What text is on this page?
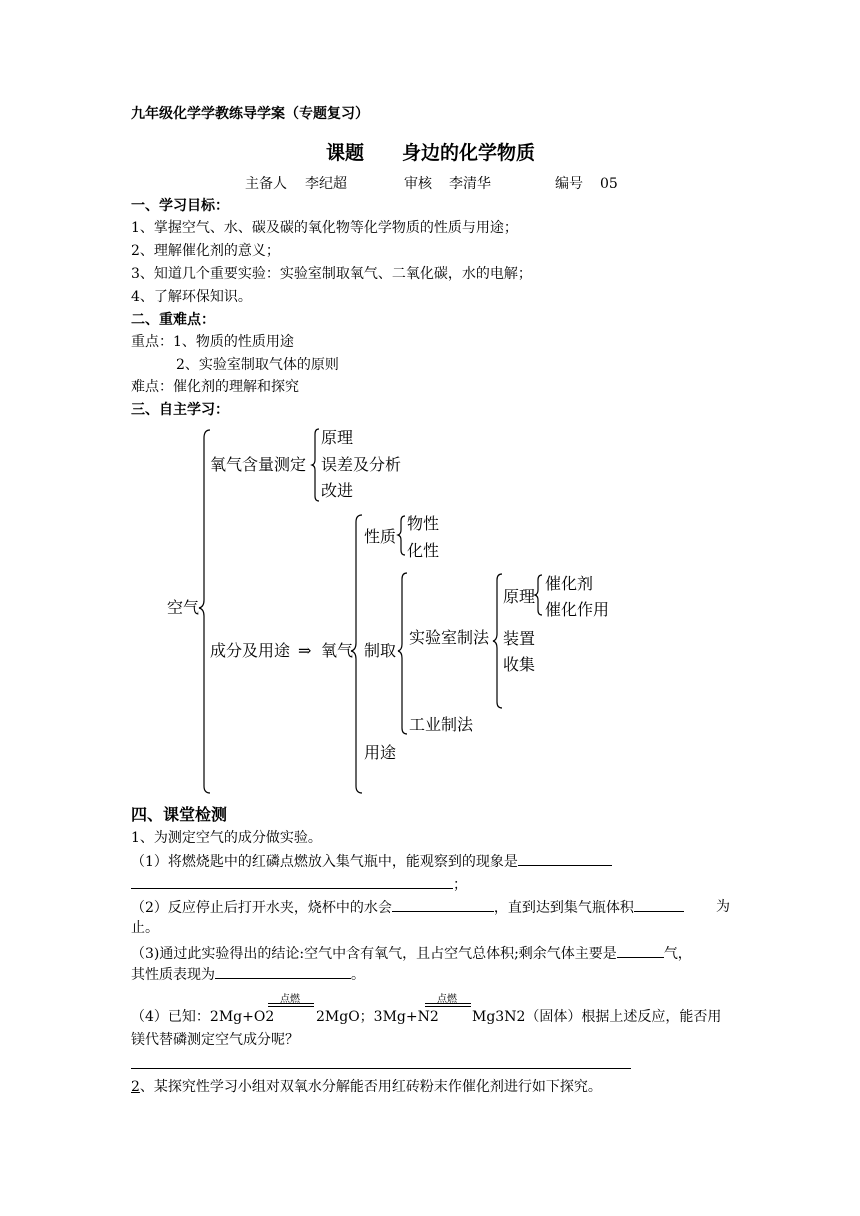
九年级化学学教练导学案（专题复习）
课题　　身边的化学物质
主备人 李纪超	审核 李清华	编号 05
一、学习目标：
1、掌握空气、水、碳及碳的氧化物等化学物质的性质与用途；
2、理解催化剂的意义；
3、知道几个重要实验：实验室制取氧气、二氧化碳，水的电解；
4、了解环保知识。
二、重难点：
重点：1、物质的性质用途
2、实验室制取气体的原则
难点：催化剂的理解和探究
三、自主学习：
空气
氧气含量测定
原理
误差及分析
改进
成分及用途 ⇒ 氧气
性质
物性
化性
制取
实验室制法
原理
催化剂
催化作用
装置
收集
工业制法
用途
四、课堂检测
1、为测定空气的成分做实验。
（1）将燃烧匙中的红磷点燃放入集气瓶中，能观察到的现象是
；
（2）反应停止后打开水夹，烧杯中的水会	，直到达到集气瓶体积	为
止。
（3)通过此实验得出的结论:空气中含有氧气，且占空气总体积;剩余气体主要是	气，
其性质表现为	。
（4）已知：2Mg+O2
点燃
2MgO；3Mg+N2
点燃
Mg3N2（固体）根据上述反应，能否用
镁代替磷测定空气成分呢？
2、某探究性学习小组对双氧水分解能否用红砖粉末作催化剂进行如下探究。
